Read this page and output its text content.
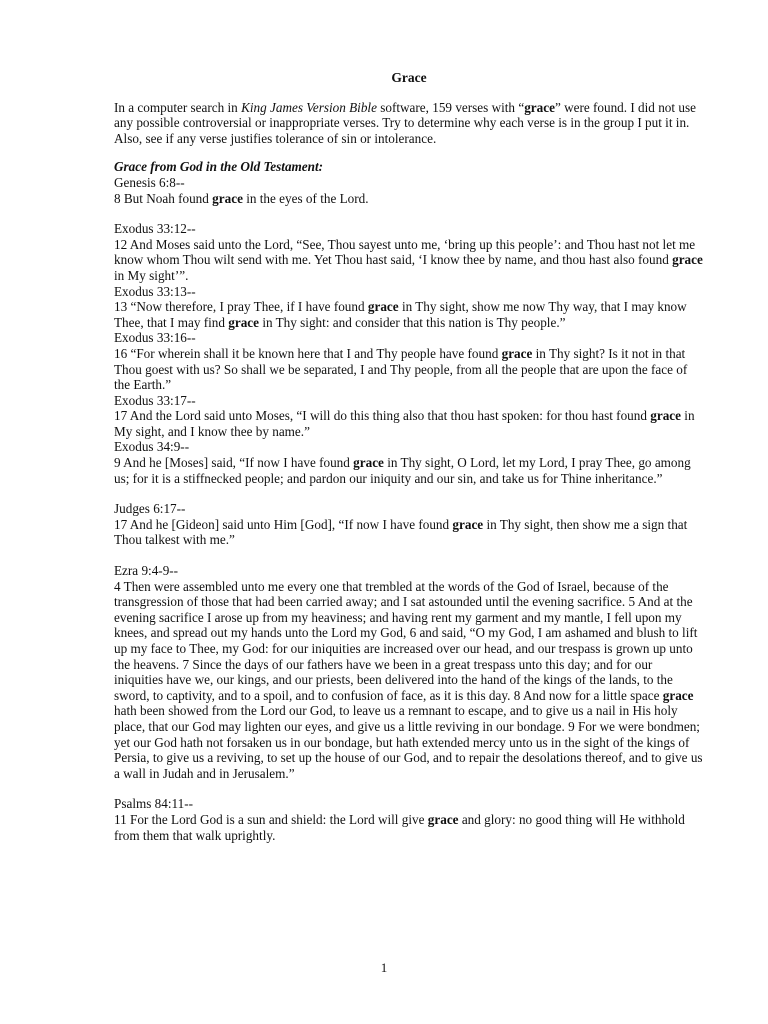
Grace

In a computer search in King James Version Bible software, 159 verses with “grace” were found. I did not use any possible controversial or inappropriate verses. Try to determine why each verse is in the group I put it in. Also, see if any verse justifies tolerance of sin or intolerance.

Grace from God in the Old Testament:

Genesis 6:8--

8 But Noah found grace in the eyes of the Lord.

Exodus 33:12--

12 And Moses said unto the Lord, “See, Thou sayest unto me, ‘bring up this people’: and Thou hast not let me know whom Thou wilt send with me. Yet Thou hast said, ‘I know thee by name, and thou hast also found grace in My sight’”.

Exodus 33:13--

13 “Now therefore, I pray Thee, if I have found grace in Thy sight, show me now Thy way, that I may know Thee, that I may find grace in Thy sight: and consider that this nation is Thy people.”

Exodus 33:16--

16 “For wherein shall it be known here that I and Thy people have found grace in Thy sight? Is it not in that Thou goest with us? So shall we be separated, I and Thy people, from all the people that are upon the face of the Earth.”

Exodus 33:17--

17 And the Lord said unto Moses, “I will do this thing also that thou hast spoken: for thou hast found grace in My sight, and I know thee by name.”

Exodus 34:9--

9 And he [Moses] said, “If now I have found grace in Thy sight, O Lord, let my Lord, I pray Thee, go among us; for it is a stiffnecked people; and pardon our iniquity and our sin, and take us for Thine inheritance.”

Judges 6:17--

17 And he [Gideon] said unto Him [God], “If now I have found grace in Thy sight, then show me a sign that Thou talkest with me.”

Ezra 9:4-9--

4 Then were assembled unto me every one that trembled at the words of the God of Israel, because of the transgression of those that had been carried away; and I sat astounded until the evening sacrifice. 5 And at the evening sacrifice I arose up from my heaviness; and having rent my garment and my mantle, I fell upon my knees, and spread out my hands unto the Lord my God, 6 and said, “O my God, I am ashamed and blush to lift up my face to Thee, my God: for our iniquities are increased over our head, and our trespass is grown up unto the heavens. 7 Since the days of our fathers have we been in a great trespass unto this day; and for our iniquities have we, our kings, and our priests, been delivered into the hand of the kings of the lands, to the sword, to captivity, and to a spoil, and to confusion of face, as it is this day. 8 And now for a little space grace hath been showed from the Lord our God, to leave us a remnant to escape, and to give us a nail in His holy place, that our God may lighten our eyes, and give us a little reviving in our bondage. 9 For we were bondmen; yet our God hath not forsaken us in our bondage, but hath extended mercy unto us in the sight of the kings of Persia, to give us a reviving, to set up the house of our God, and to repair the desolations thereof, and to give us a wall in Judah and in Jerusalem.”

Psalms 84:11--

11 For the Lord God is a sun and shield: the Lord will give grace and glory: no good thing will He withhold from them that walk uprightly.

1
